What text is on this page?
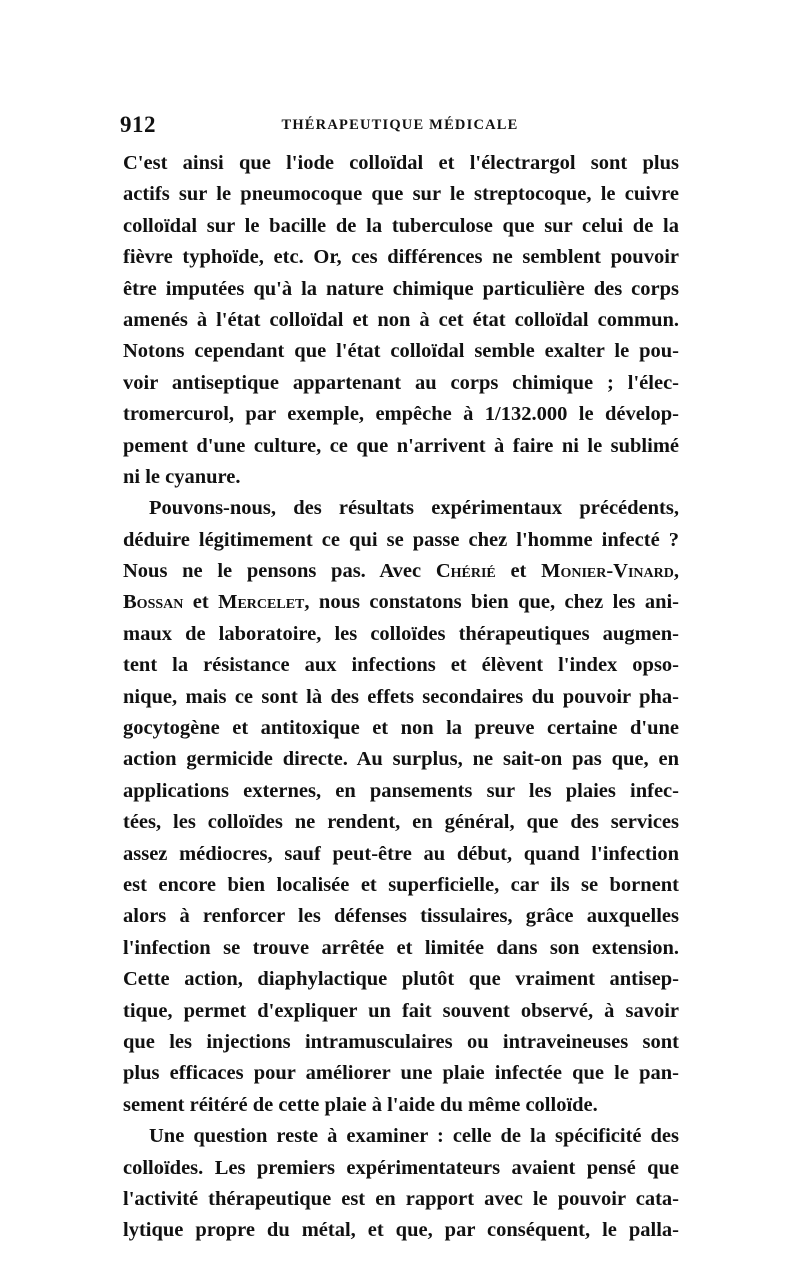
912	THÉRAPEUTIQUE MÉDICALE
C'est ainsi que l'iode colloïdal et l'électrargol sont plus
actifs sur le pneumocoque que sur le streptocoque, le cuivre
colloïdal sur le bacille de la tuberculose que sur celui de la
fièvre typhoïde, etc. Or, ces différences ne semblent pouvoir
être imputées qu'à la nature chimique particulière des corps
amenés à l'état colloïdal et non à cet état colloïdal commun.
Notons cependant que l'état colloïdal semble exalter le pou-
voir antiseptique appartenant au corps chimique ; l'élec-
tromercurol, par exemple, empêche à 1/132.000 le dévelop-
pement d'une culture, ce que n'arrivent à faire ni le sublimé
ni le cyanure.
Pouvons-nous, des résultats expérimentaux précédents,
déduire légitimement ce qui se passe chez l'homme infecté ?
Nous ne le pensons pas. Avec Chérié et Monier-Vinard,
Bossan et Mercelet, nous constatons bien que, chez les ani-
maux de laboratoire, les colloïdes thérapeutiques augmen-
tent la résistance aux infections et élèvent l'index opso-
nique, mais ce sont là des effets secondaires du pouvoir pha-
gocytogène et antitoxique et non la preuve certaine d'une
action germicide directe. Au surplus, ne sait-on pas que, en
applications externes, en pansements sur les plaies infec-
tées, les colloïdes ne rendent, en général, que des services
assez médiocres, sauf peut-être au début, quand l'infection
est encore bien localisée et superficielle, car ils se bornent
alors à renforcer les défenses tissulaires, grâce auxquelles
l'infection se trouve arrêtée et limitée dans son extension.
Cette action, diaphylactique plutôt que vraiment antisep-
tique, permet d'expliquer un fait souvent observé, à savoir
que les injections intramusculaires ou intraveineuses sont
plus efficaces pour améliorer une plaie infectée que le pan-
sement réitéré de cette plaie à l'aide du même colloïde.
Une question reste à examiner : celle de la spécificité des
colloïdes. Les premiers expérimentateurs avaient pensé que
l'activité thérapeutique est en rapport avec le pouvoir cata-
lytique propre du métal, et que, par conséquent, le palla-
